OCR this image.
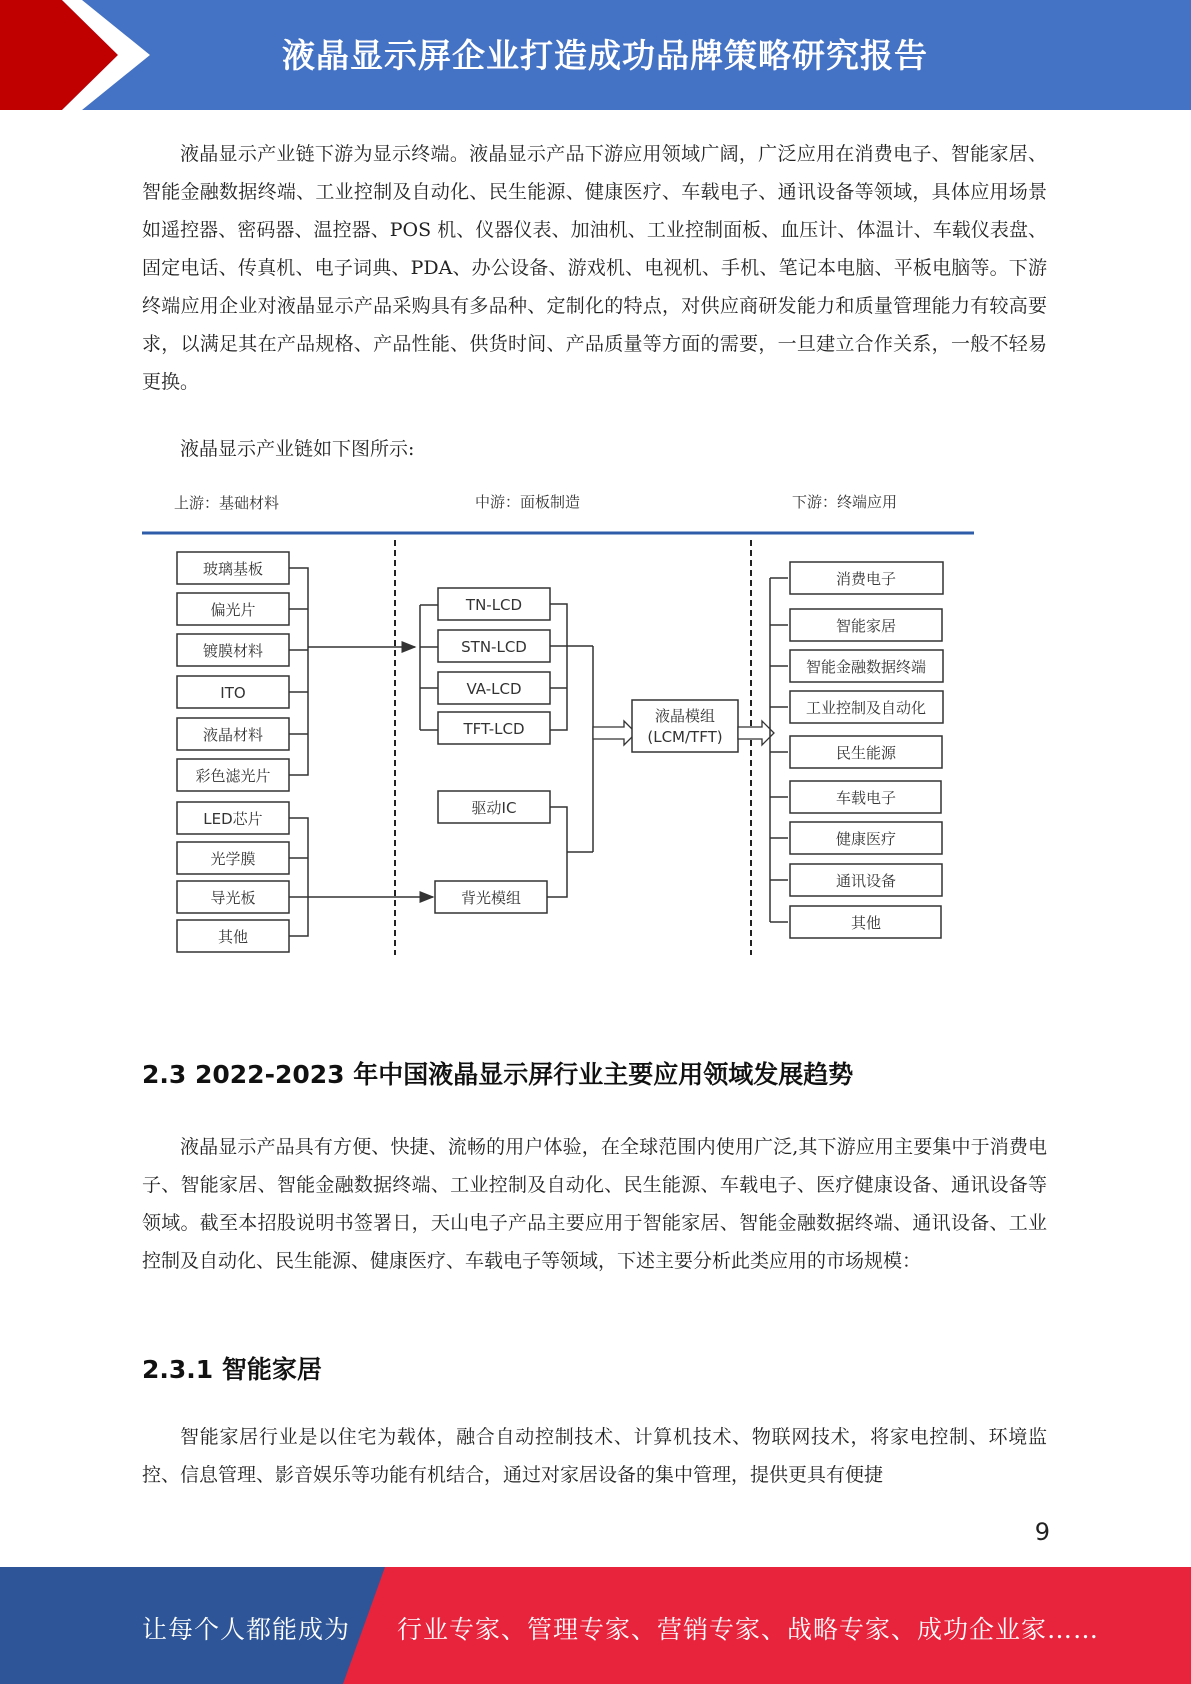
液晶显示屏企业打造成功品牌策略研究报告

液晶显示产业链下游为显示终端。液晶显示产品下游应用领域广阔，广泛应用在消费电子、智能家居、智能金融数据终端、工业控制及自动化、民生能源、健康医疗、车载电子、通讯设备等领域，具体应用场景如遥控器、密码器、温控器、POS 机、仪器仪表、加油机、工业控制面板、血压计、体温计、车载仪表盘、固定电话、传真机、电子词典、PDA、办公设备、游戏机、电视机、手机、笔记本电脑、平板电脑等。下游终端应用企业对液晶显示产品采购具有多品种、定制化的特点，对供应商研发能力和质量管理能力有较高要求，以满足其在产品规格、产品性能、供货时间、产品质量等方面的需要，一旦建立合作关系，一般不轻易更换。

液晶显示产业链如下图所示:

上游：基础材料	中游：面板制造	下游：终端应用
玻璃基板
偏光片
镀膜材料
ITO
液晶材料
彩色滤光片
LED芯片
光学膜
导光板
其他
TN-LCD
STN-LCD
VA-LCD
TFT-LCD
驱动IC
背光模组
液晶模组
(LCM/TFT)
消费电子
智能家居
智能金融数据终端
工业控制及自动化
民生能源
车载电子
健康医疗
通讯设备
其他
2.3 2022-2023 年中国液晶显示屏行业主要应用领域发展趋势

液晶显示产品具有方便、快捷、流畅的用户体验，在全球范围内使用广泛,其下游应用主要集中于消费电子、智能家居、智能金融数据终端、工业控制及自动化、民生能源、车载电子、医疗健康设备、通讯设备等领域。截至本招股说明书签署日，天山电子产品主要应用于智能家居、智能金融数据终端、通讯设备、工业控制及自动化、民生能源、健康医疗、车载电子等领域，下述主要分析此类应用的市场规模：

2.3.1 智能家居

智能家居行业是以住宅为载体，融合自动控制技术、计算机技术、物联网技术，将家电控制、环境监控、信息管理、影音娱乐等功能有机结合，通过对家居设备的集中管理，提供更具有便捷

9
让每个人都能成为 行业专家、管理专家、营销专家、战略专家、成功企业家……
